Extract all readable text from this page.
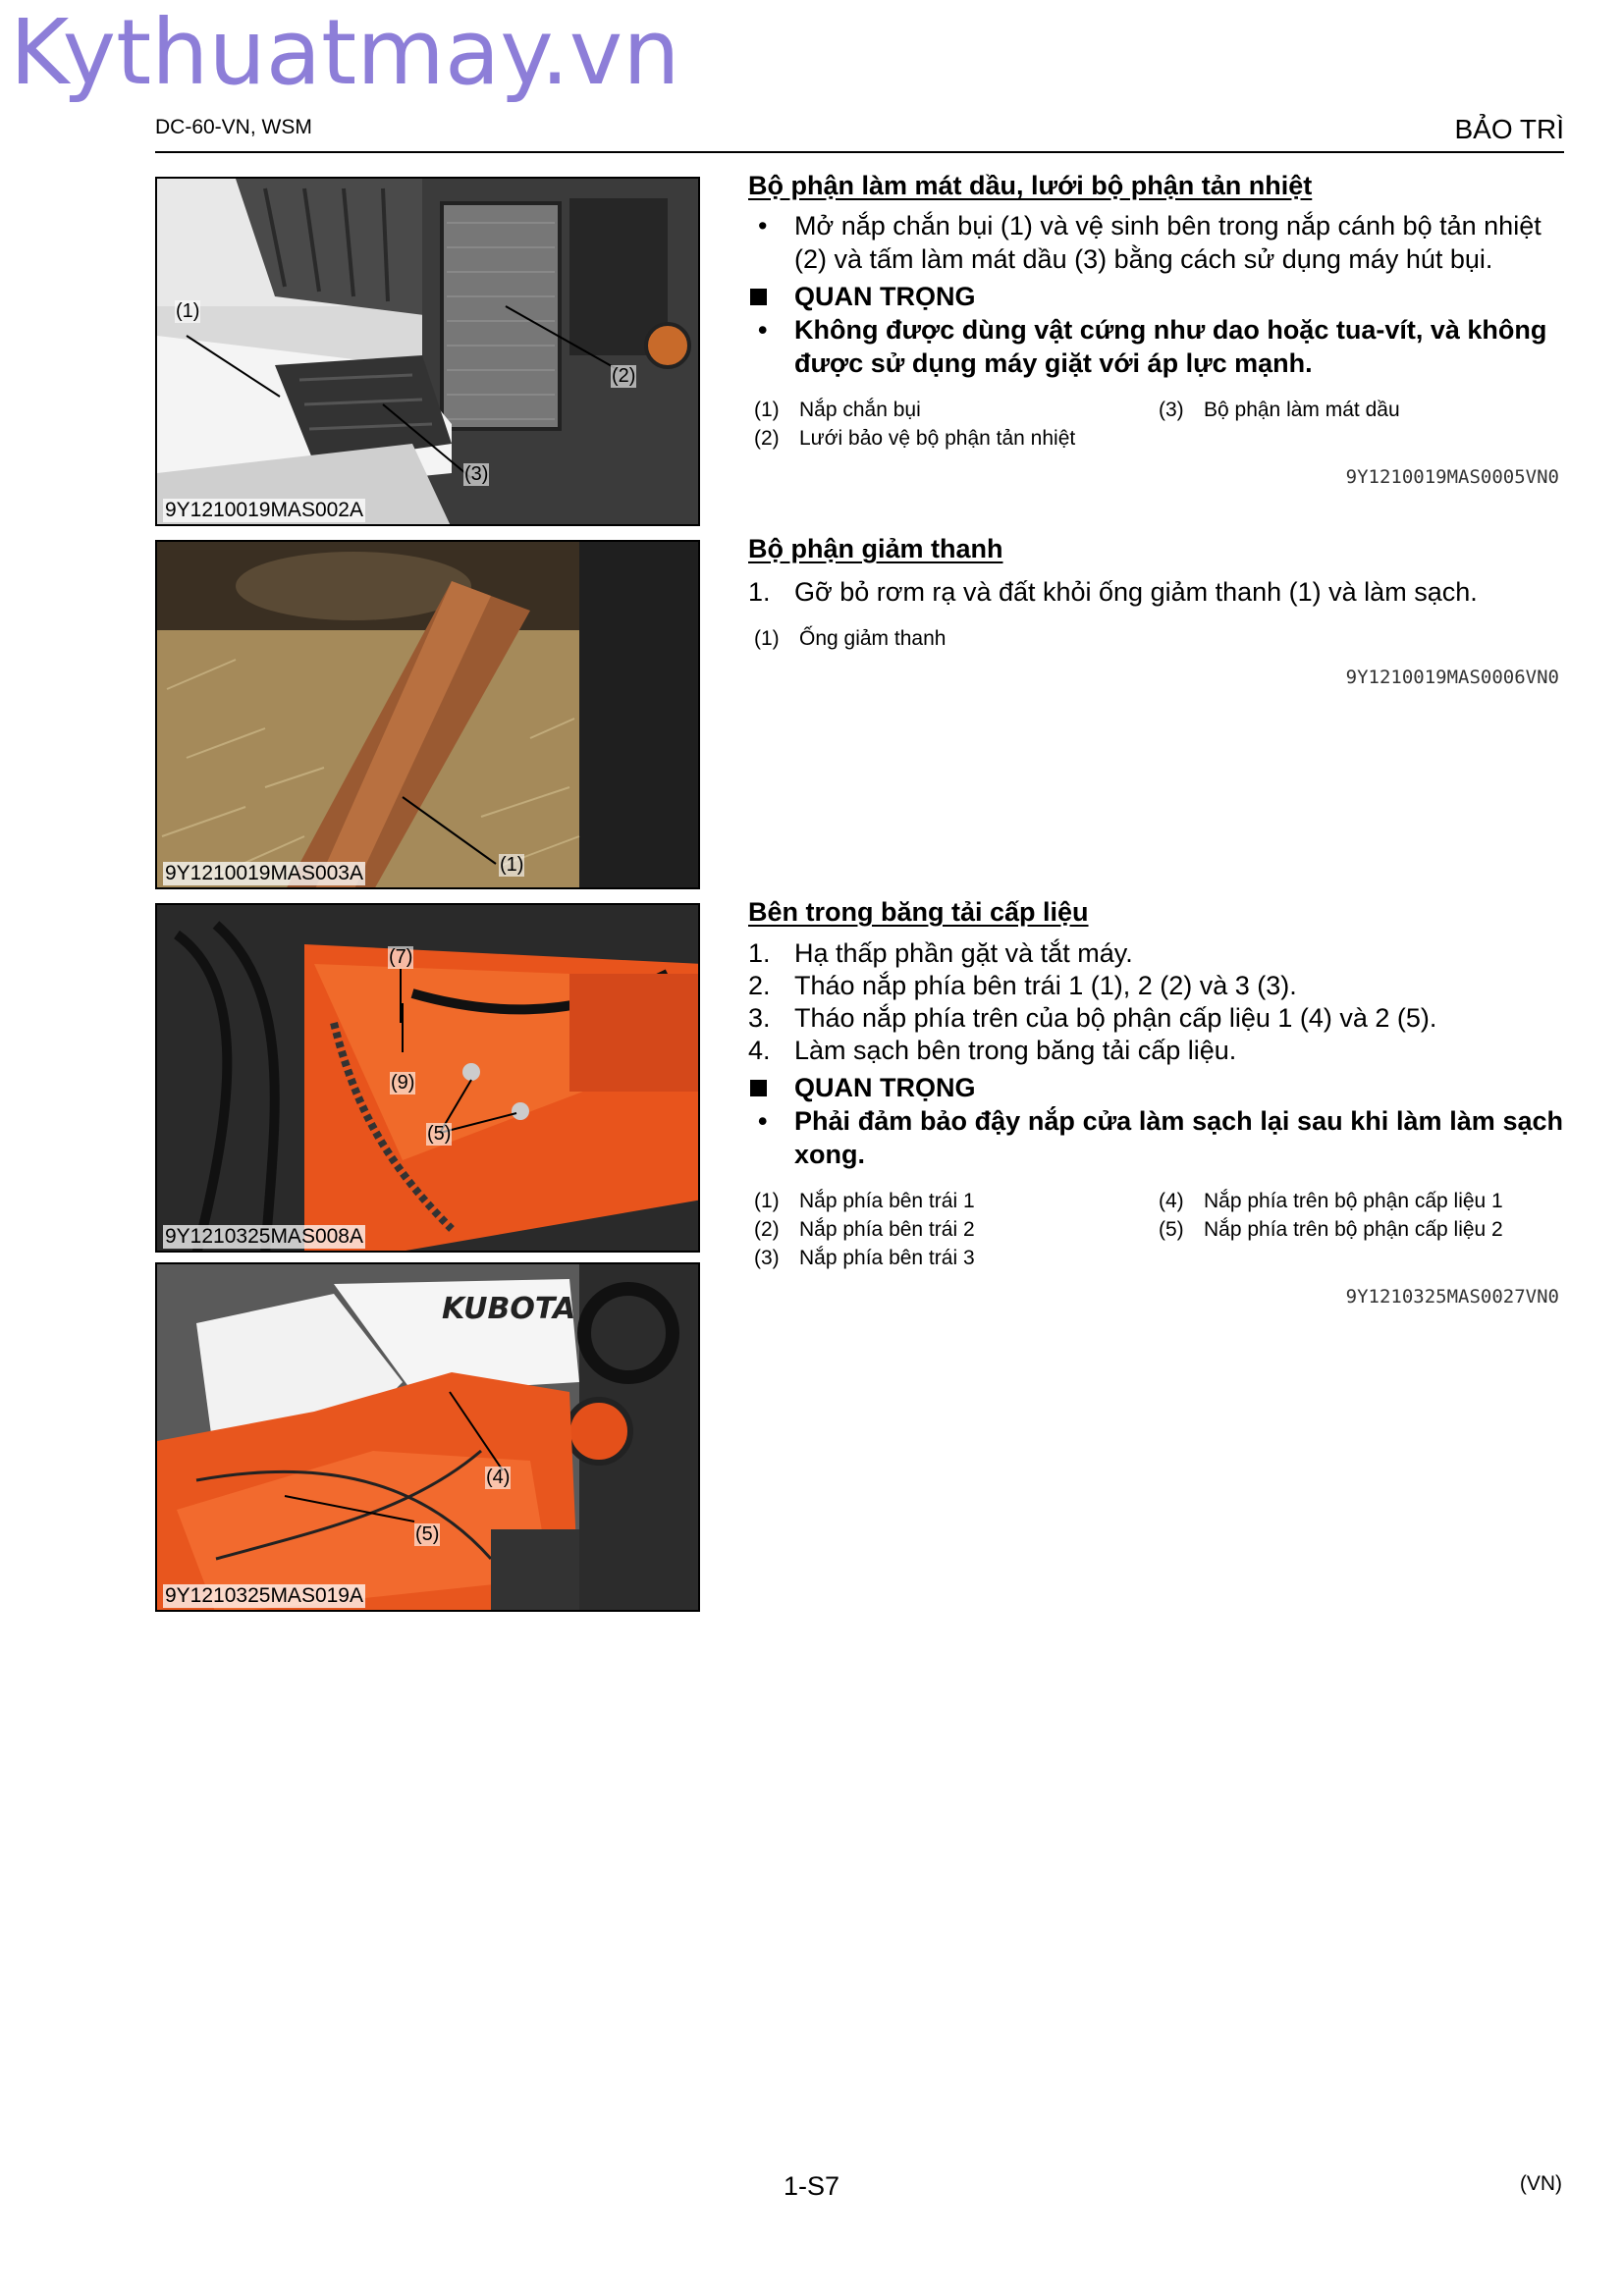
Kythuatmay.vn
DC-60-VN, WSM	BẢO TRÌ
(1)
(2)
(3)
9Y1210019MAS002A
(1)
9Y1210019MAS003A
(7)
(9)
(5)
9Y1210325MAS008A
KUBOTA
(4)
(5)
9Y1210325MAS019A
Bộ phận làm mát dầu, lưới bộ phận tản nhiệt
• Mở nắp chắn bụi (1) và vệ sinh bên trong nắp cánh bộ tản nhiệt (2) và tấm làm mát dầu (3) bằng cách sử dụng máy hút bụi.
QUAN TRỌNG
• Không được dùng vật cứng như dao hoặc tua-vít, và không được sử dụng máy giặt với áp lực mạnh.
(1) Nắp chắn bụi	(3) Bộ phận làm mát dầu
(2) Lưới bảo vệ bộ phận tản nhiệt
9Y1210019MAS0005VN0
Bộ phận giảm thanh
1. Gỡ bỏ rơm rạ và đất khỏi ống giảm thanh (1) và làm sạch.
(1) Ống giảm thanh
9Y1210019MAS0006VN0
Bên trong băng tải cấp liệu
1. Hạ thấp phần gặt và tắt máy.
2. Tháo nắp phía bên trái 1 (1), 2 (2) và 3 (3).
3. Tháo nắp phía trên của bộ phận cấp liệu 1 (4) và 2 (5).
4. Làm sạch bên trong băng tải cấp liệu.
QUAN TRỌNG
• Phải đảm bảo đậy nắp cửa làm sạch lại sau khi làm làm sạch xong.
(1) Nắp phía bên trái 1	(4) Nắp phía trên bộ phận cấp liệu 1
(2) Nắp phía bên trái 2	(5) Nắp phía trên bộ phận cấp liệu 2
(3) Nắp phía bên trái 3
9Y1210325MAS0027VN0
1-S7	(VN)
